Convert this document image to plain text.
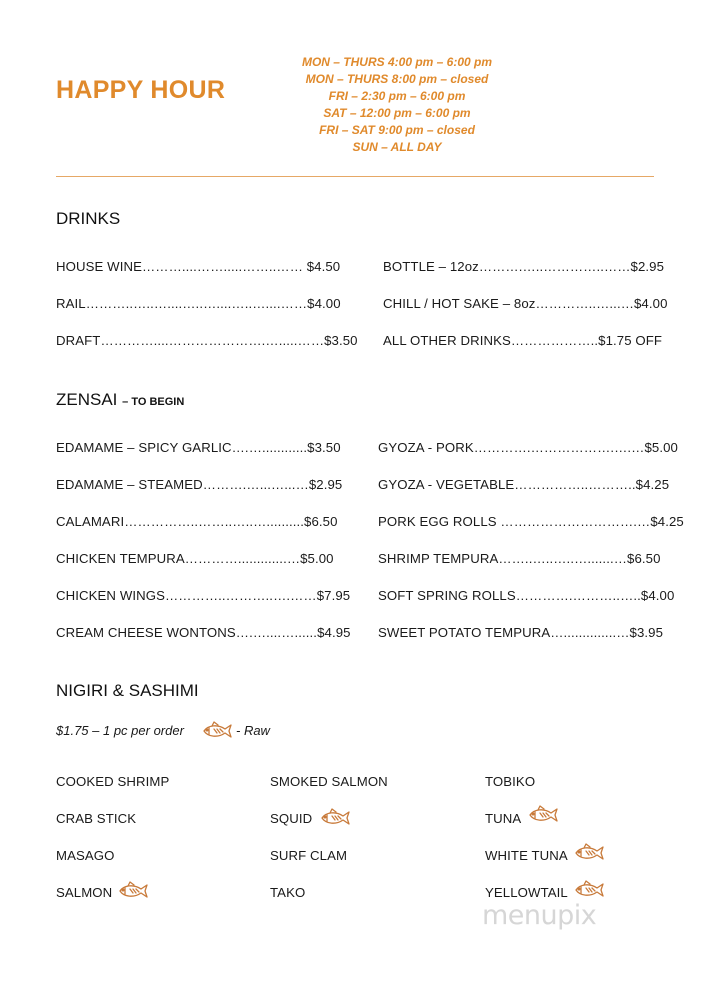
HAPPY HOUR
MON – THURS 4:00 pm – 6:00 pm
MON – THURS 8:00 pm – closed
FRI – 2:30 pm – 6:00 pm
SAT – 12:00 pm – 6:00 pm
FRI – SAT 9:00 pm – closed
SUN – ALL DAY
DRINKS
HOUSE WINE………....…….....……..…… $4.50
RAIL………..…..…....…..…....…..…....……$4.00
DRAFT…………....………………….….....……$3.50
BOTTLE – 12oz……….…..…………..……$2.95
CHILL / HOT SAKE – 8oz…………..…...…$4.00
ALL OTHER DRINKS………………..$1.75 OFF
ZENSAI – TO BEGIN
EDAMAME – SPICY GARLIC….…............$3.50
EDAMAME – STEAMED……….…...…...…$2.95
CALAMARI……………..……..…..…..........$6.50
CHICKEN TEMPURA………….............…$5.00
CHICKEN WINGS…………..………..….……$7.95
CREAM CHEESE WONTONS….…....…......$4.95
GYOZA - PORK………….……………….….…$5.00
GYOZA - VEGETABLE……………..………..$4.25
PORK EGG ROLLS ………………………….…$4.25
SHRIMP TEMPURA……..…..…..….......…$6.50
SOFT SPRING ROLLS………….………..…..$4.00
SWEET POTATO TEMPURA…..............…$3.95
NIGIRI & SASHIMI
$1.75 – 1 pc per order	- Raw
COOKED SHRIMP
CRAB STICK
MASAGO
SALMON
SMOKED SALMON
SQUID
SURF CLAM
TAKO
TOBIKO
TUNA
WHITE TUNA
YELLOWTAIL
menupix
